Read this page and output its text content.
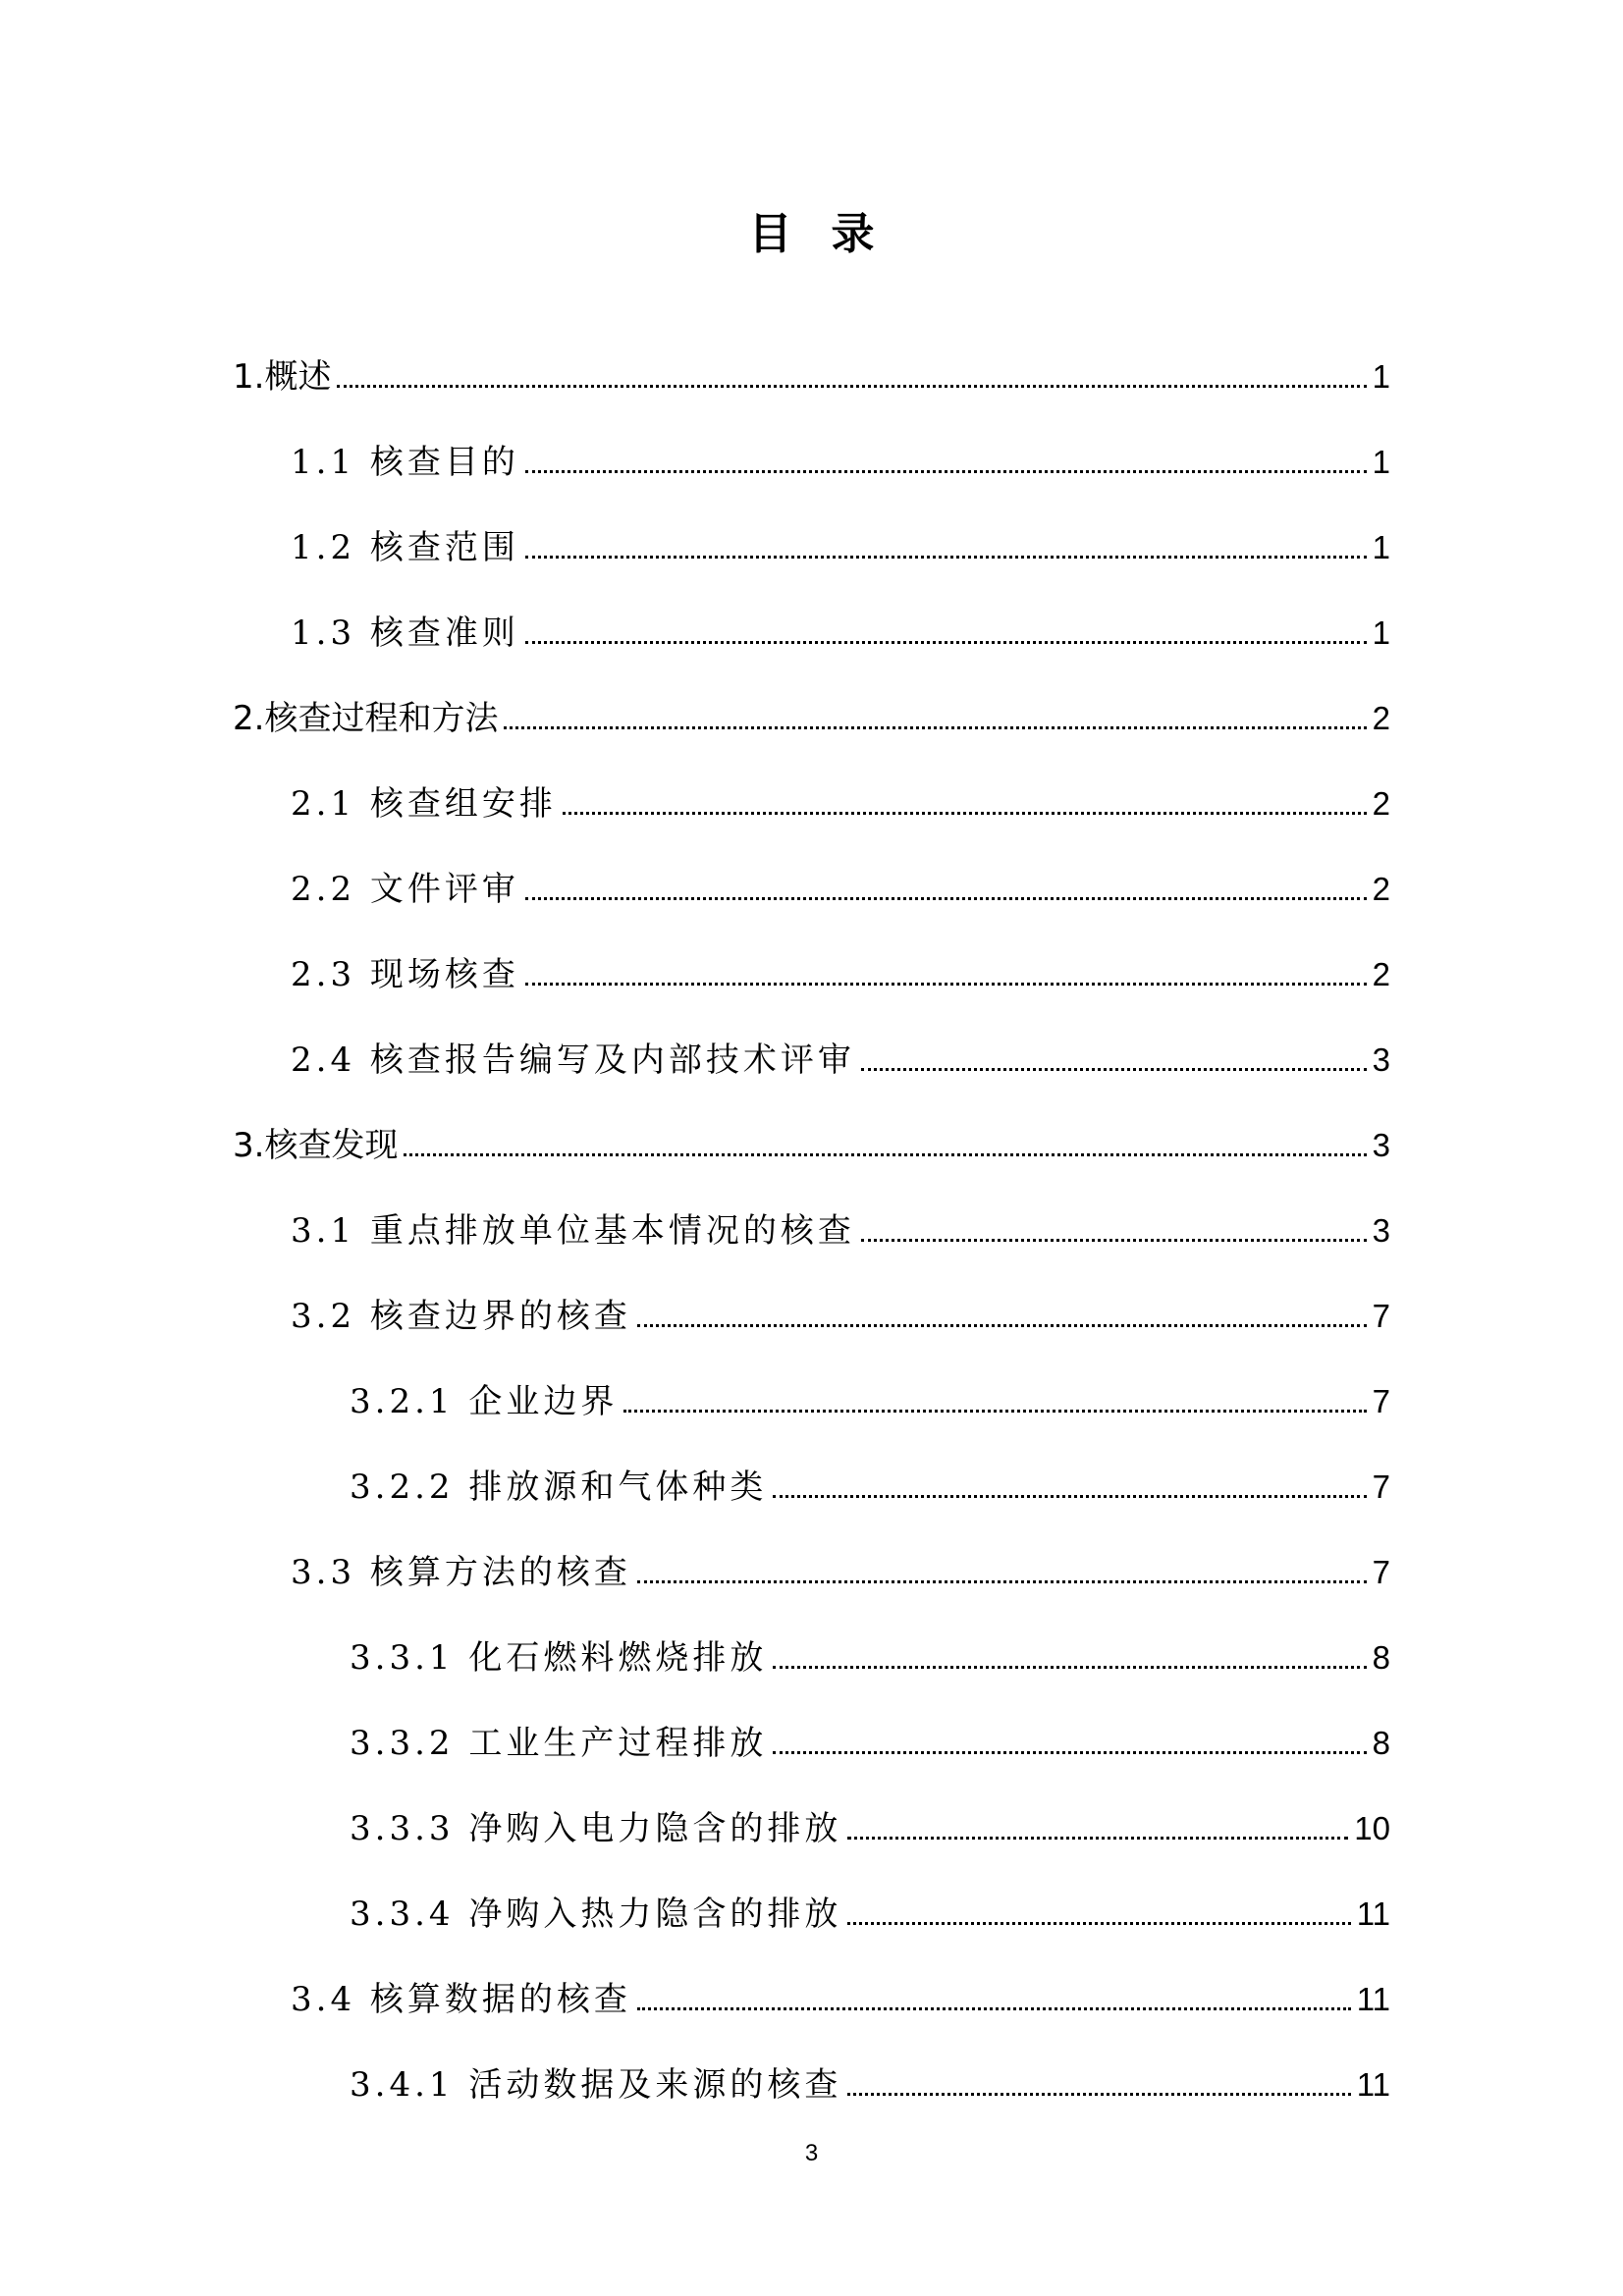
目录
1.概述	1
1.1 核查目的	1
1.2 核查范围	1
1.3 核查准则	1
2.核查过程和方法	2
2.1 核查组安排	2
2.2 文件评审	2
2.3 现场核查	2
2.4 核查报告编写及内部技术评审	3
3.核查发现	3
3.1 重点排放单位基本情况的核查	3
3.2 核查边界的核查	7
3.2.1 企业边界	7
3.2.2 排放源和气体种类	7
3.3 核算方法的核查	7
3.3.1 化石燃料燃烧排放	8
3.3.2 工业生产过程排放	8
3.3.3 净购入电力隐含的排放	10
3.3.4 净购入热力隐含的排放	11
3.4 核算数据的核查	11
3.4.1 活动数据及来源的核查	11
3
